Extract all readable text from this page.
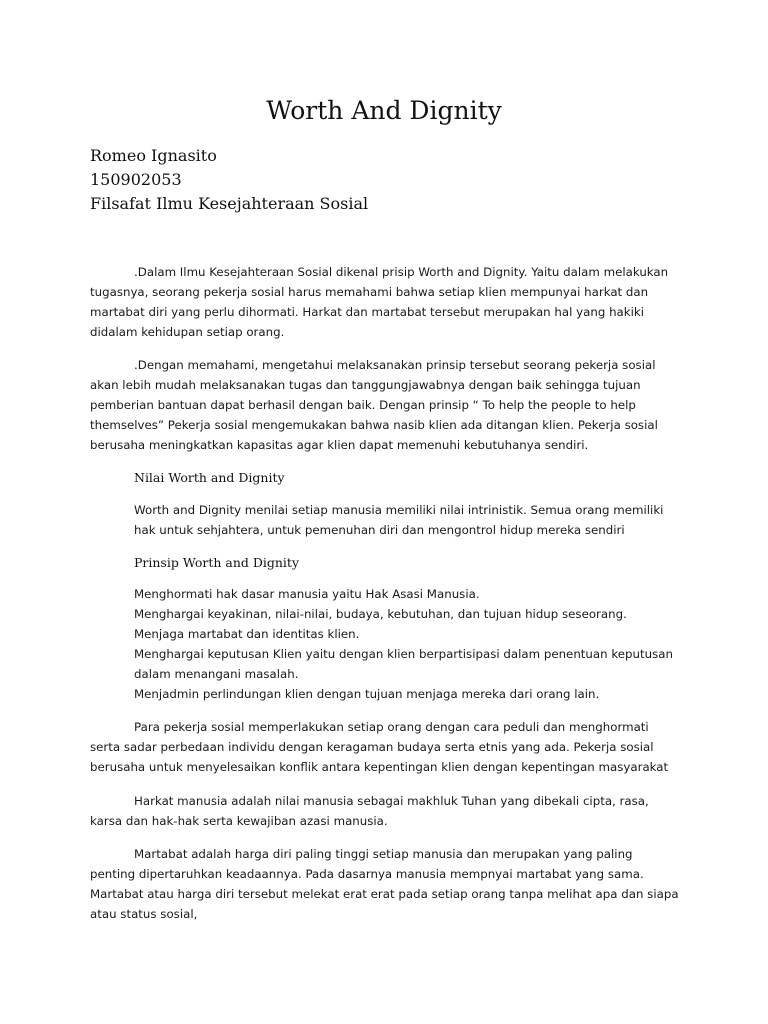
Worth And Dignity
Romeo Ignasito
150902053
Filsafat Ilmu Kesejahteraan Sosial

.Dalam Ilmu Kesejahteraan Sosial dikenal prisip Worth and Dignity. Yaitu dalam melakukan tugasnya, seorang pekerja sosial harus memahami bahwa setiap klien mempunyai harkat dan martabat diri yang perlu dihormati. Harkat dan martabat tersebut merupakan hal yang hakiki didalam kehidupan setiap orang.

.Dengan memahami, mengetahui melaksanakan prinsip tersebut seorang pekerja sosial akan lebih mudah melaksanakan tugas dan tanggungjawabnya dengan baik sehingga tujuan pemberian bantuan dapat berhasil dengan baik. Dengan prinsip “ To help the people to help themselves” Pekerja sosial mengemukakan bahwa nasib klien ada ditangan klien. Pekerja sosial berusaha meningkatkan kapasitas agar klien dapat memenuhi kebutuhanya sendiri.

Nilai Worth and Dignity

Worth and Dignity menilai setiap manusia memiliki nilai intrinistik. Semua orang memiliki hak untuk sehjahtera, untuk pemenuhan diri dan mengontrol hidup mereka sendiri

Prinsip Worth and Dignity

Menghormati hak dasar manusia yaitu Hak Asasi Manusia.
Menghargai keyakinan, nilai-nilai, budaya, kebutuhan, dan tujuan hidup seseorang.
Menjaga martabat dan identitas klien.
Menghargai keputusan Klien yaitu dengan klien berpartisipasi dalam penentuan keputusan dalam menangani masalah.
Menjadmin perlindungan klien dengan tujuan menjaga mereka dari orang lain.

Para pekerja sosial memperlakukan setiap orang dengan cara peduli dan menghormati serta sadar perbedaan individu dengan keragaman budaya serta etnis yang ada. Pekerja sosial berusaha untuk menyelesaikan konflik antara kepentingan klien dengan kepentingan masyarakat

Harkat manusia adalah nilai manusia sebagai makhluk Tuhan yang dibekali cipta, rasa, karsa dan hak-hak serta kewajiban azasi manusia.

Martabat adalah harga diri paling tinggi setiap manusia dan merupakan yang paling penting dipertaruhkan keadaannya. Pada dasarnya manusia mempnyai martabat yang sama. Martabat atau harga diri tersebut melekat erat erat pada setiap orang tanpa melihat apa dan siapa atau status sosial,
